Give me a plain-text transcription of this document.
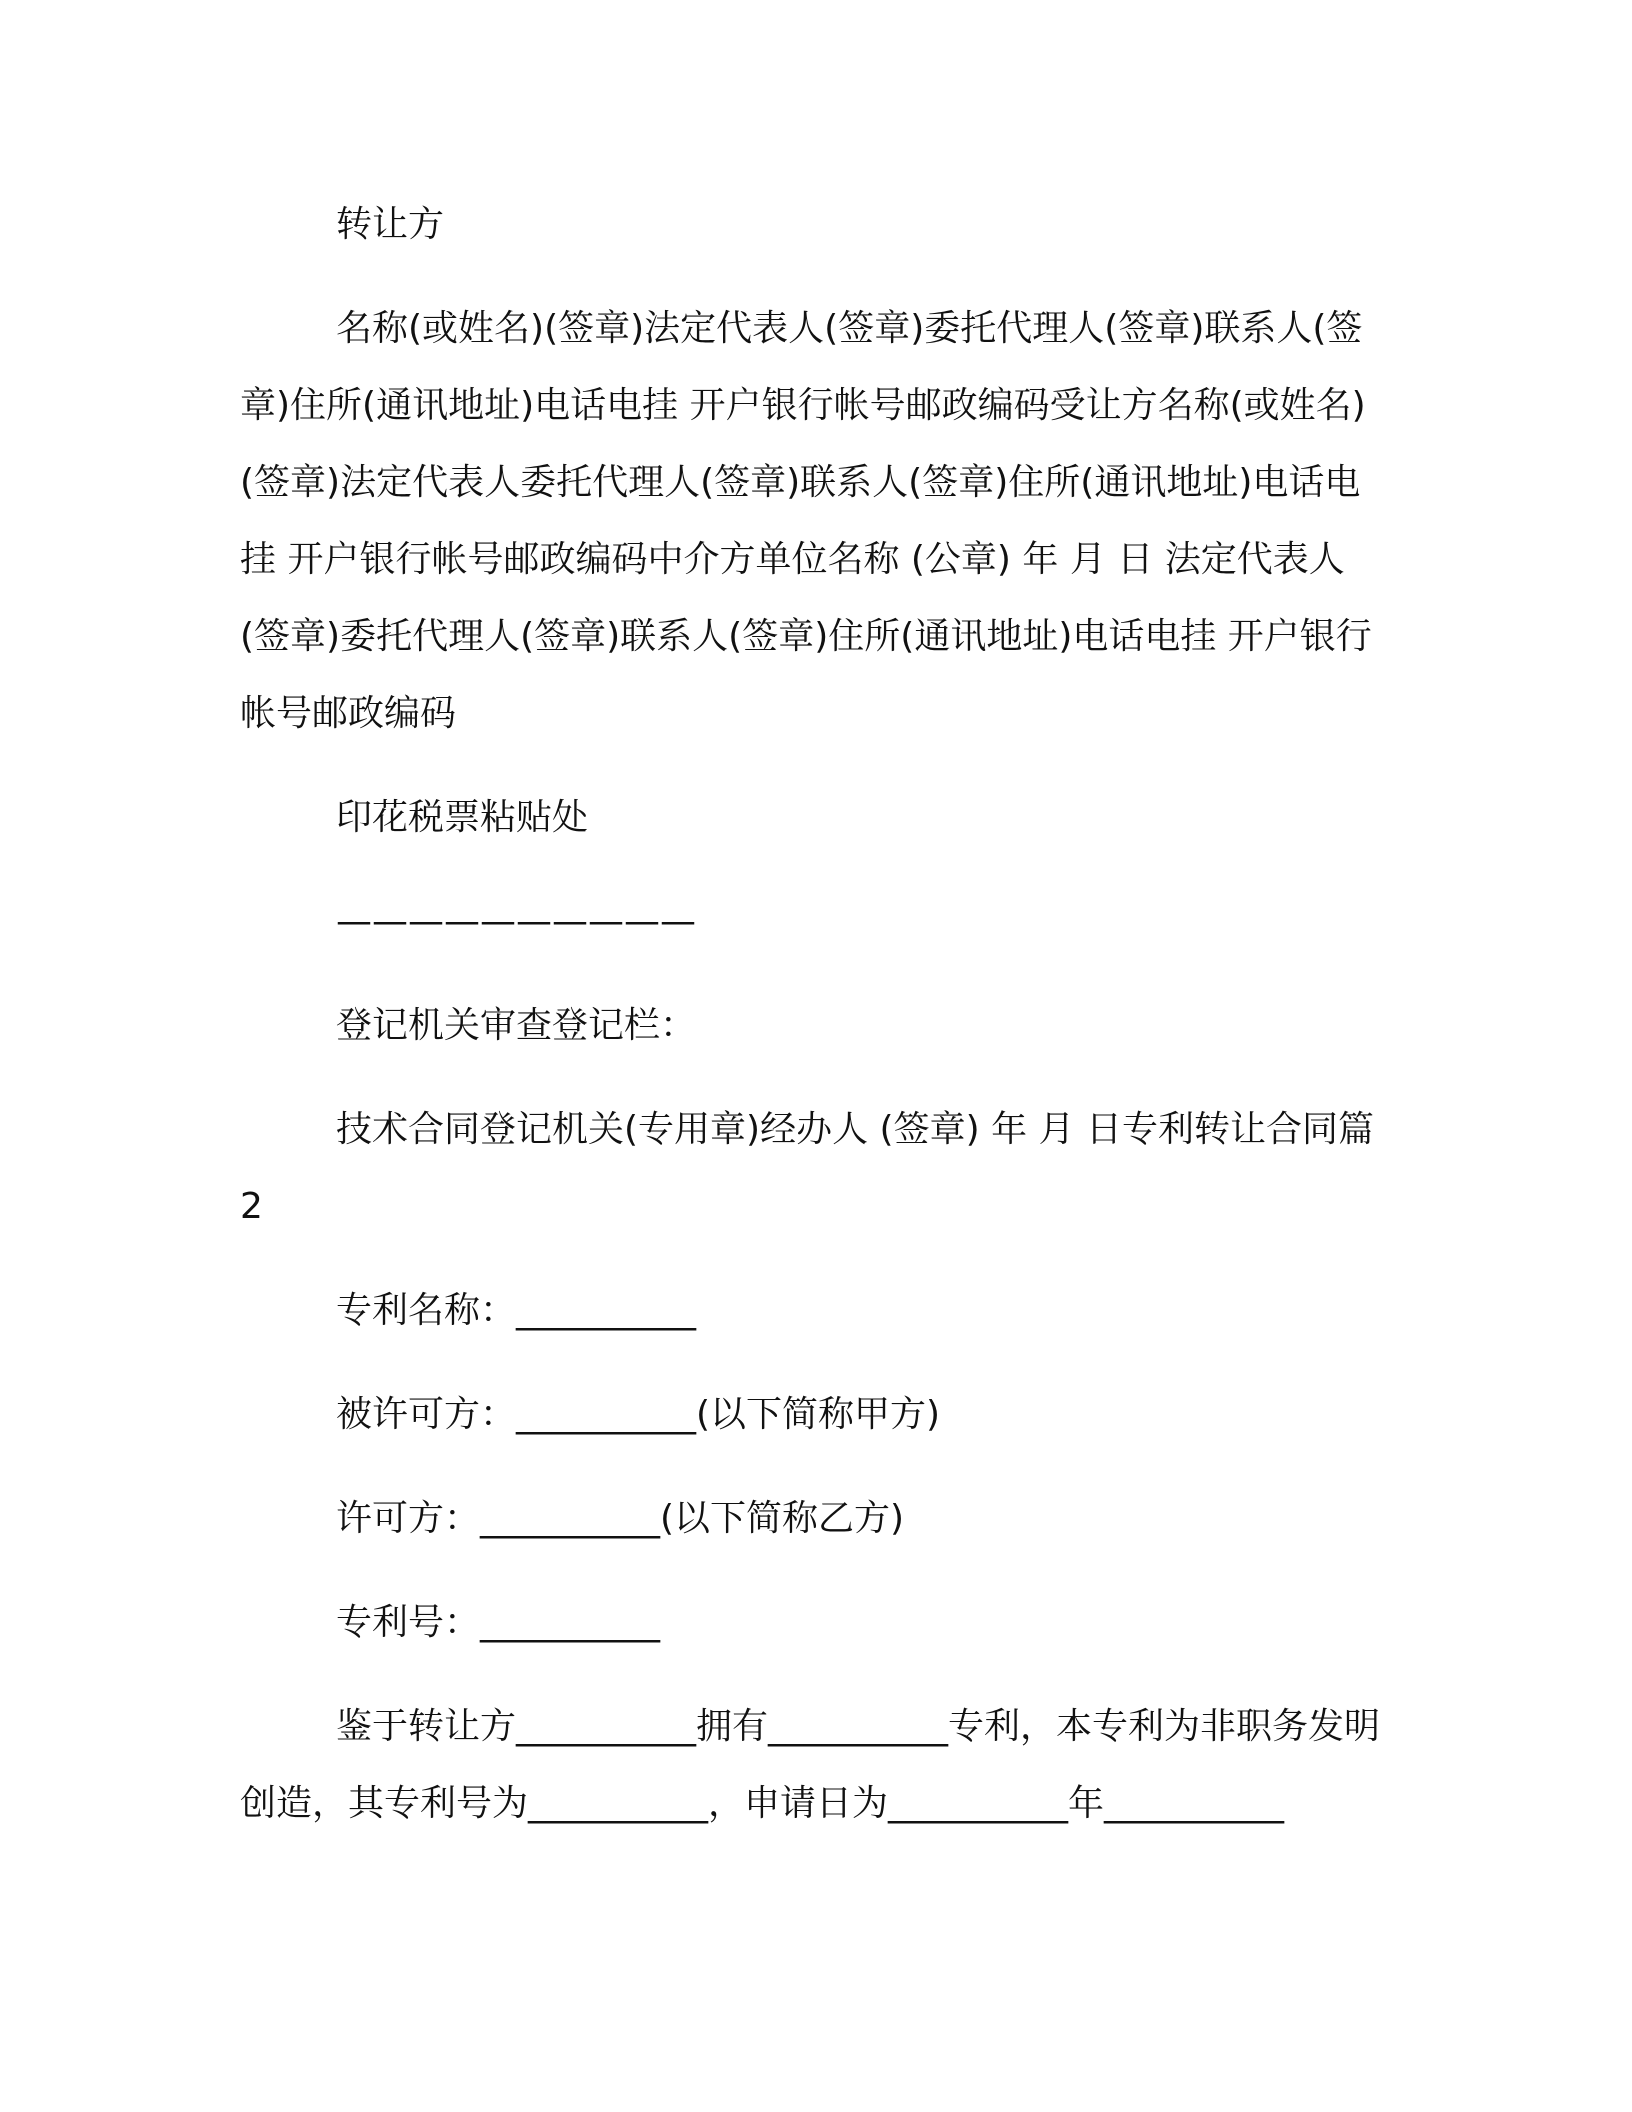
转让方

名称(或姓名)(签章)法定代表人(签章)委托代理人(签章)联系人(签章)住所(通讯地址)电话电挂 开户银行帐号邮政编码受让方名称(或姓名)(签章)法定代表人委托代理人(签章)联系人(签章)住所(通讯地址)电话电挂 开户银行帐号邮政编码中介方单位名称 (公章) 年 月 日 法定代表人(签章)委托代理人(签章)联系人(签章)住所(通讯地址)电话电挂 开户银行帐号邮政编码

印花税票粘贴处

——————————

登记机关审查登记栏：

技术合同登记机关(专用章)经办人 (签章) 年 月 日专利转让合同篇 2

专利名称：__________

被许可方：__________(以下简称甲方)

许可方：__________(以下简称乙方)

专利号：__________

鉴于转让方__________拥有__________专利，本专利为非职务发明创造，其专利号为__________，申请日为__________年__________
